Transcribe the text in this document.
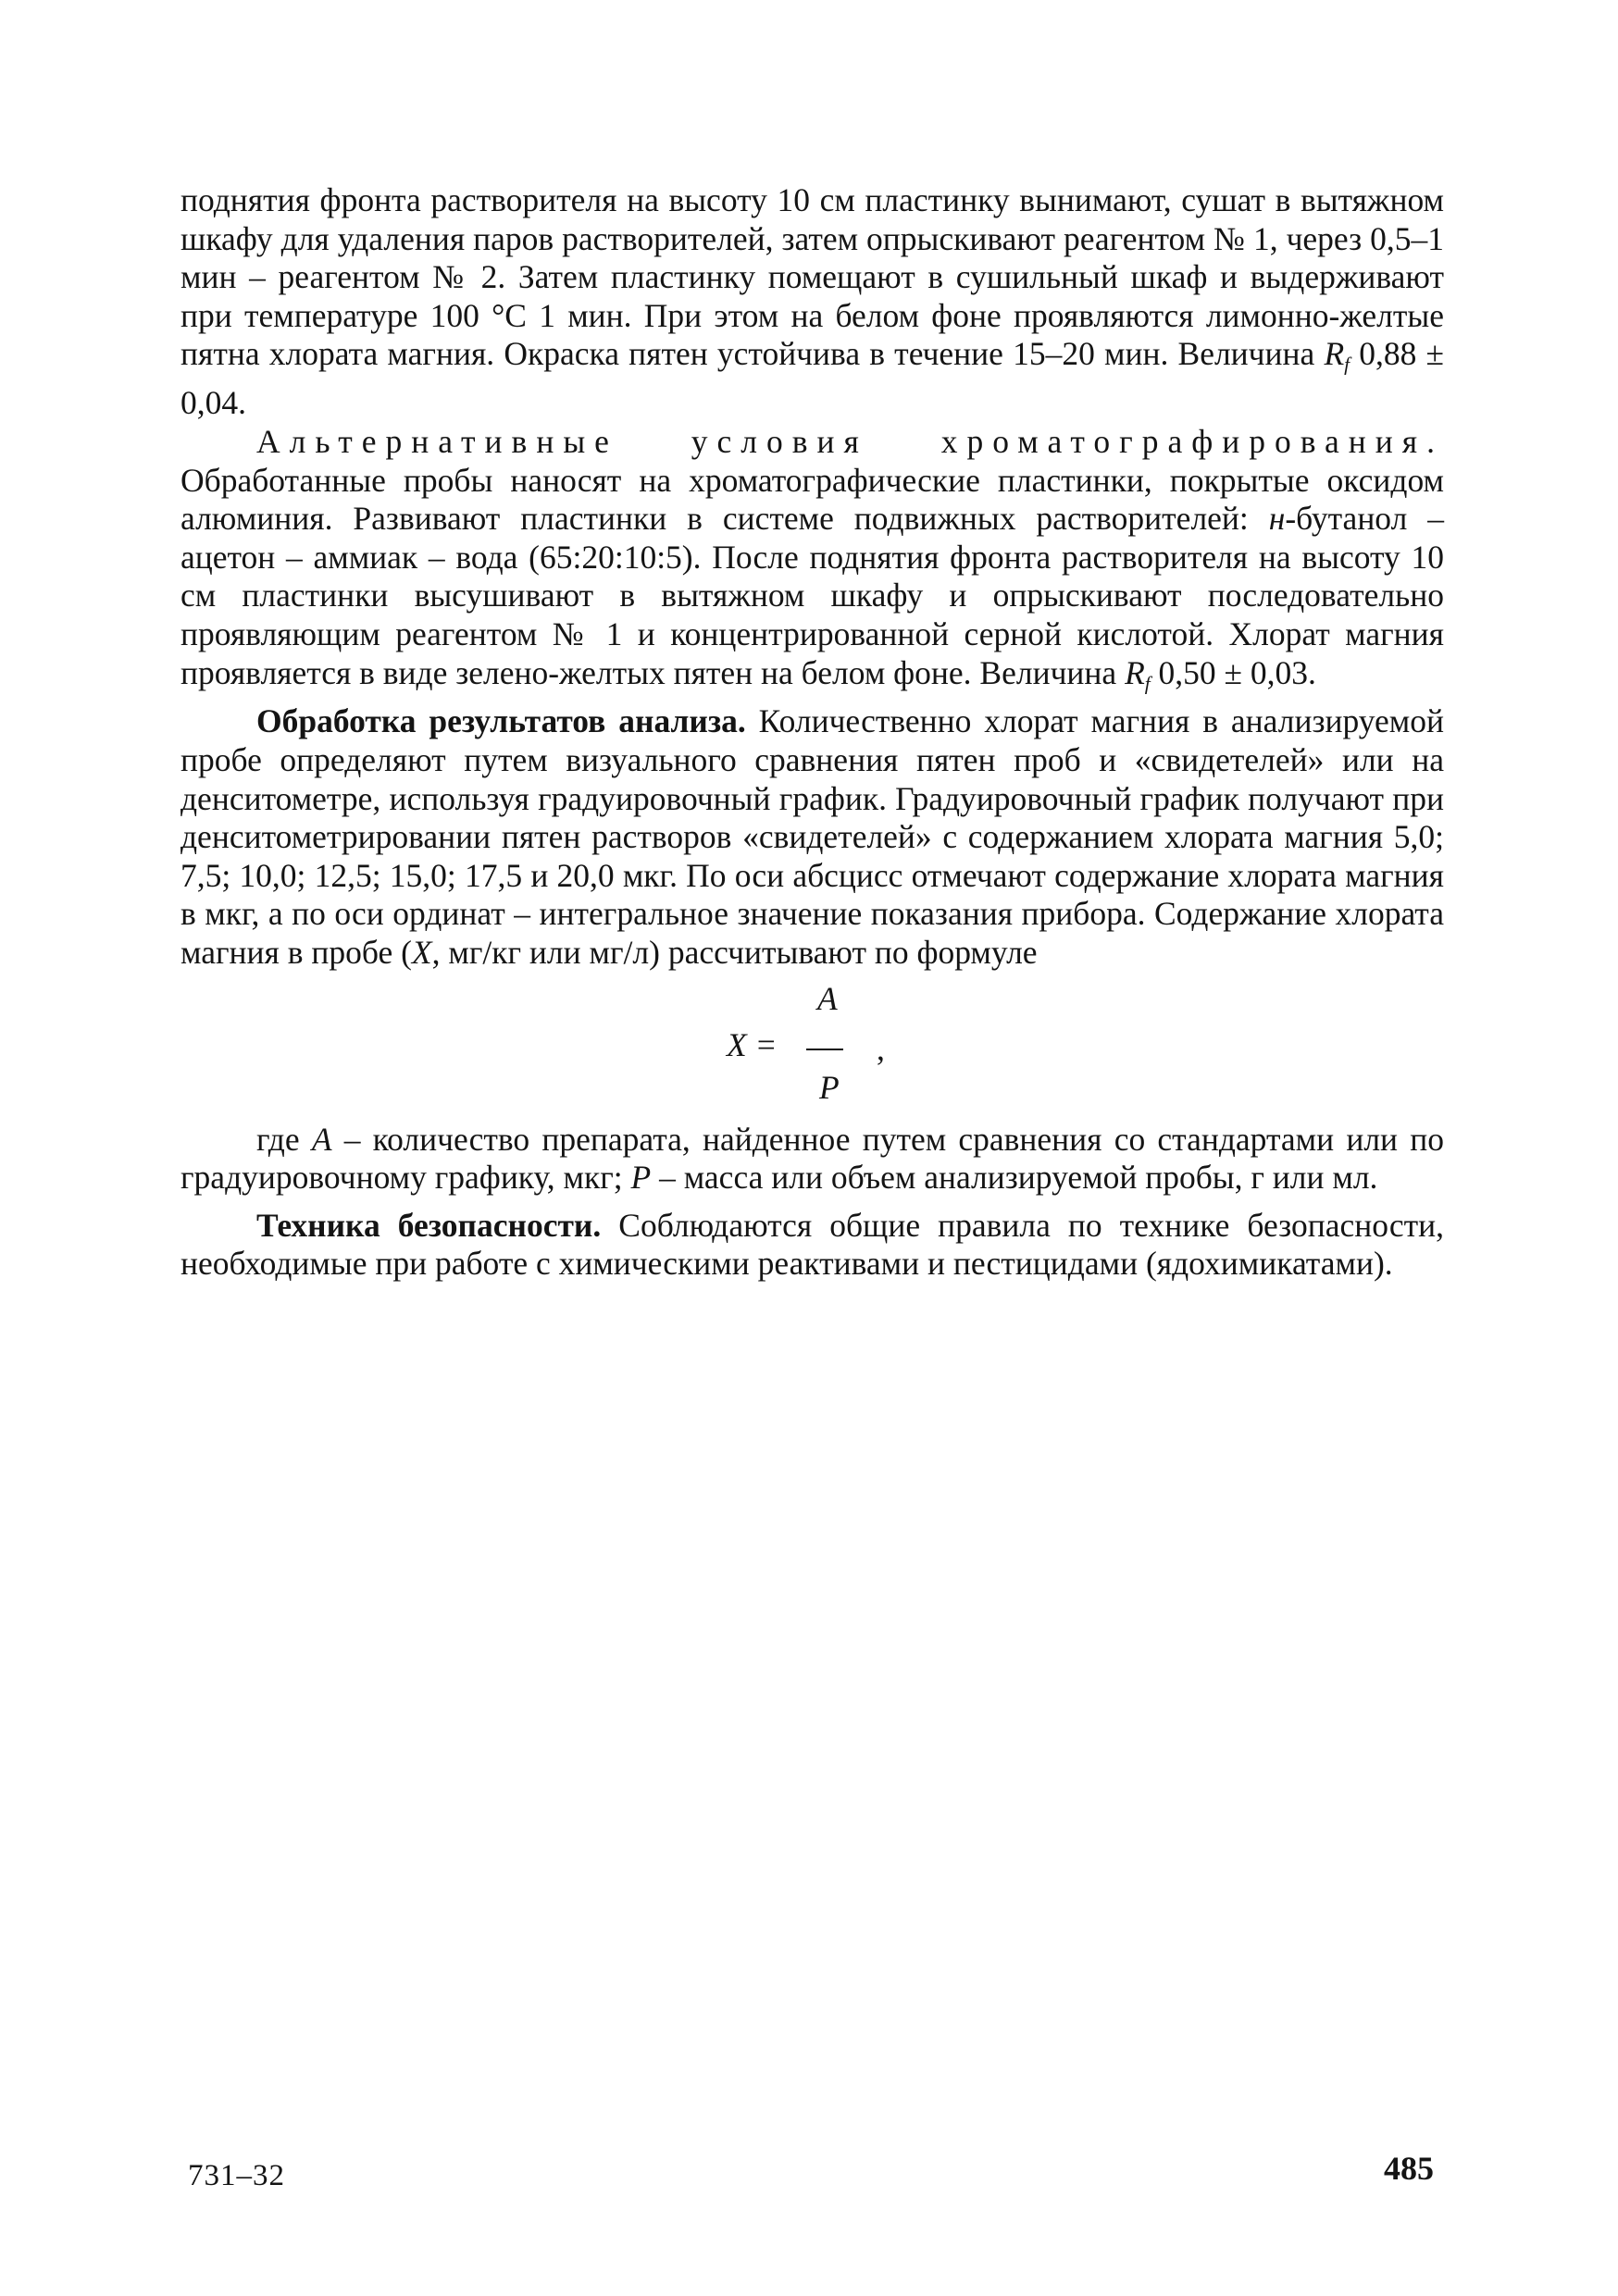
поднятия фронта растворителя на высоту 10 см пластинку вынимают, сушат в вытяжном шкафу для удаления паров растворителей, затем опрыскивают реагентом № 1, через 0,5–1 мин – реагентом № 2. Затем пластинку помещают в сушильный шкаф и выдерживают при температуре 100 °С 1 мин. При этом на белом фоне проявляются лимонно-желтые пятна хлората магния. Окраска пятен устойчива в течение 15–20 мин. Величина $R_f$ 0,88 ± 0,04.

Альтернативные условия хроматографирования. Обработанные пробы наносят на хроматографические пластинки, покрытые оксидом алюминия. Развивают пластинки в системе подвижных растворителей: н-бутанол – ацетон – аммиак – вода (65:20:10:5). После поднятия фронта растворителя на высоту 10 см пластинки высушивают в вытяжном шкафу и опрыскивают последовательно проявляющим реагентом № 1 и концентрированной серной кислотой. Хлорат магния проявляется в виде зелено-желтых пятен на белом фоне. Величина $R_f$ 0,50 ± 0,03.

Обработка результатов анализа. Количественно хлорат магния в анализируемой пробе определяют путем визуального сравнения пятен проб и «свидетелей» или на денситометре, используя градуировочный график. Градуировочный график получают при денситометрировании пятен растворов «свидетелей» с содержанием хлората магния 5,0; 7,5; 10,0; 12,5; 15,0; 17,5 и 20,0 мкг. По оси абсцисс отмечают содержание хлората магния в мкг, а по оси ординат – интегральное значение показания прибора. Содержание хлората магния в пробе (X, мг/кг или мг/л) рассчитывают по формуле

X =
A
P
,

где A – количество препарата, найденное путем сравнения со стандартами или по градуировочному графику, мкг; P – масса или объем анализируемой пробы, г или мл.

Техника безопасности. Соблюдаются общие правила по технике безопасности, необходимые при работе с химическими реактивами и пестицидами (ядохимикатами).

731–32	485
